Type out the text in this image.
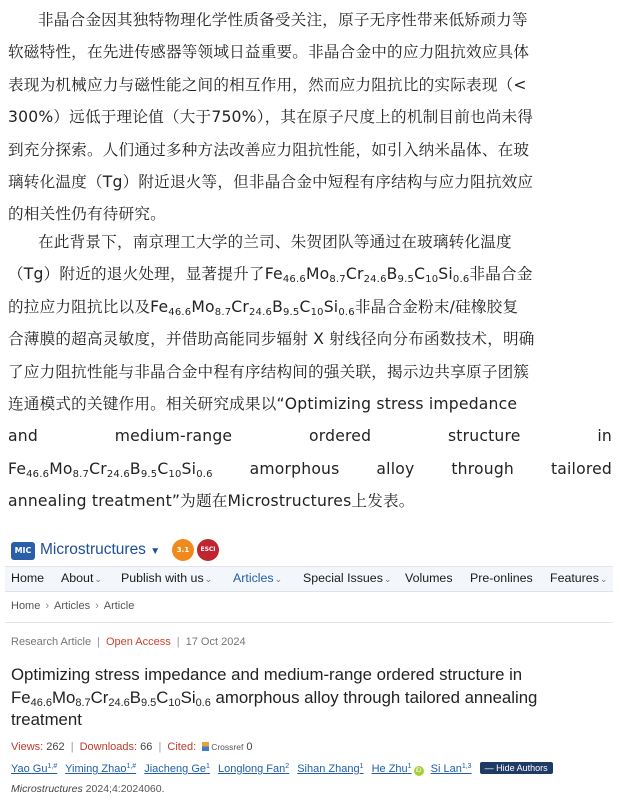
非晶合金因其独特物理化学性质备受关注，原子无序性带来低矫顽力等
软磁特性，在先进传感器等领域日益重要。非晶合金中的应力阻抗效应具体
表现为机械应力与磁性能之间的相互作用，然而应力阻抗比的实际表现（<
300%）远低于理论值（大于750%），其在原子尺度上的机制目前也尚未得
到充分探索。人们通过多种方法改善应力阻抗性能，如引入纳米晶体、在玻
璃转化温度（Tg）附近退火等，但非晶合金中短程有序结构与应力阻抗效应
的相关性仍有待研究。
在此背景下，南京理工大学的兰司、朱贺团队等通过在玻璃转化温度
（Tg）附近的退火处理，显著提升了$Fe_{46.6}Mo_{8.7}Cr_{24.6}B_{9.5}C_{10}Si_{0.6}$非晶合金
的拉应力阻抗比以及$Fe_{46.6}Mo_{8.7}Cr_{24.6}B_{9.5}C_{10}Si_{0.6}$非晶合金粉末/硅橡胶复
合薄膜的超高灵敏度，并借助高能同步辐射 X 射线径向分布函数技术，明确
了应力阻抗性能与非晶合金中程有序结构间的强关联，揭示边共享原子团簇
连通模式的关键作用。相关研究成果以“Optimizing stress impedance
and	medium-range	ordered	structure	in
$Fe_{46.6}Mo_{8.7}Cr_{24.6}B_{9.5}C_{10}Si_{0.6}$ amorphous alloy through tailored
annealing treatment”为题在Microstructures上发表。
MIC Microstructures ▼	3.1	ESCI
Home About⌄ Publish with us⌄ Articles⌄ Special Issues⌄ Volumes Pre-onlines Features⌄
Home › Articles › Article
Research Article | Open Access | 17 Oct 2024
Optimizing stress impedance and medium-range ordered structure in
$Fe_{46.6}Mo_{8.7}Cr_{24.6}B_{9.5}C_{10}Si_{0.6}$ amorphous alloy through tailored annealing
treatment
Views: 262 | Downloads: 66 | Cited: Crossref 0
Yao $Gu^{1,\#}$ Yiming Zhao$^{1,\#}$ Jiacheng Ge$^1$ Longlong Fan$^2$ Sihan Zhang$^1$ He Zhu$^1$iD Si Lan$^{1,3}$ — Hide Authors
Microstructures 2024;4:2024060.
